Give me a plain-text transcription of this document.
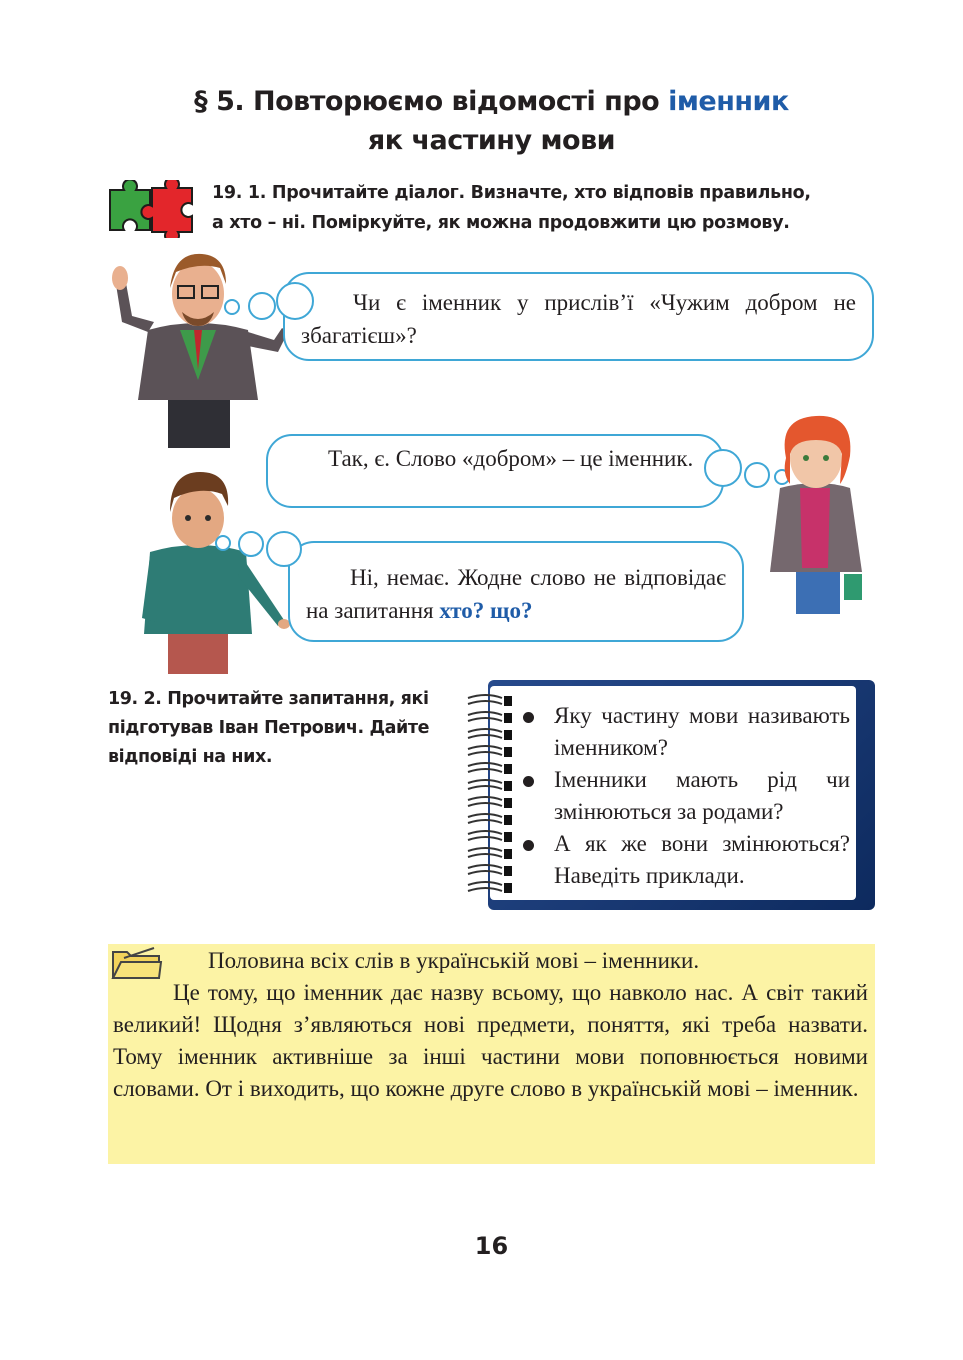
§ 5. Повторюємо відомості про іменник
як частину мови
19. 1. Прочитайте діалог. Визначте, хто відповів правильно,
а хто – ні. Поміркуйте, як можна продовжити цю розмову.

Чи є іменник у прислів’ї «Чужим добром не збагатієш»?

Так, є. Слово «добром» – це іменник.

Ні, немає. Жодне слово не відповідає на запитання хто? що?

19. 2. Прочитайте запитання, які підготував Іван Петрович. Дайте відповіді на них.
Яку частину мови називають іменником?
Іменники мають рід чи змінюються за родами?
А як же вони змінюються? Наведіть приклади.

Половина всіх слів в українській мові – іменники.

Це тому, що іменник дає назву всьому, що навколо нас. А світ такий великий! Щодня з’являються нові предмети, поняття, які треба назвати. Тому іменник активніше за інші частини мови поповнюється новими словами. От і виходить, що кожне друге слово в українській мові – іменник.

16
